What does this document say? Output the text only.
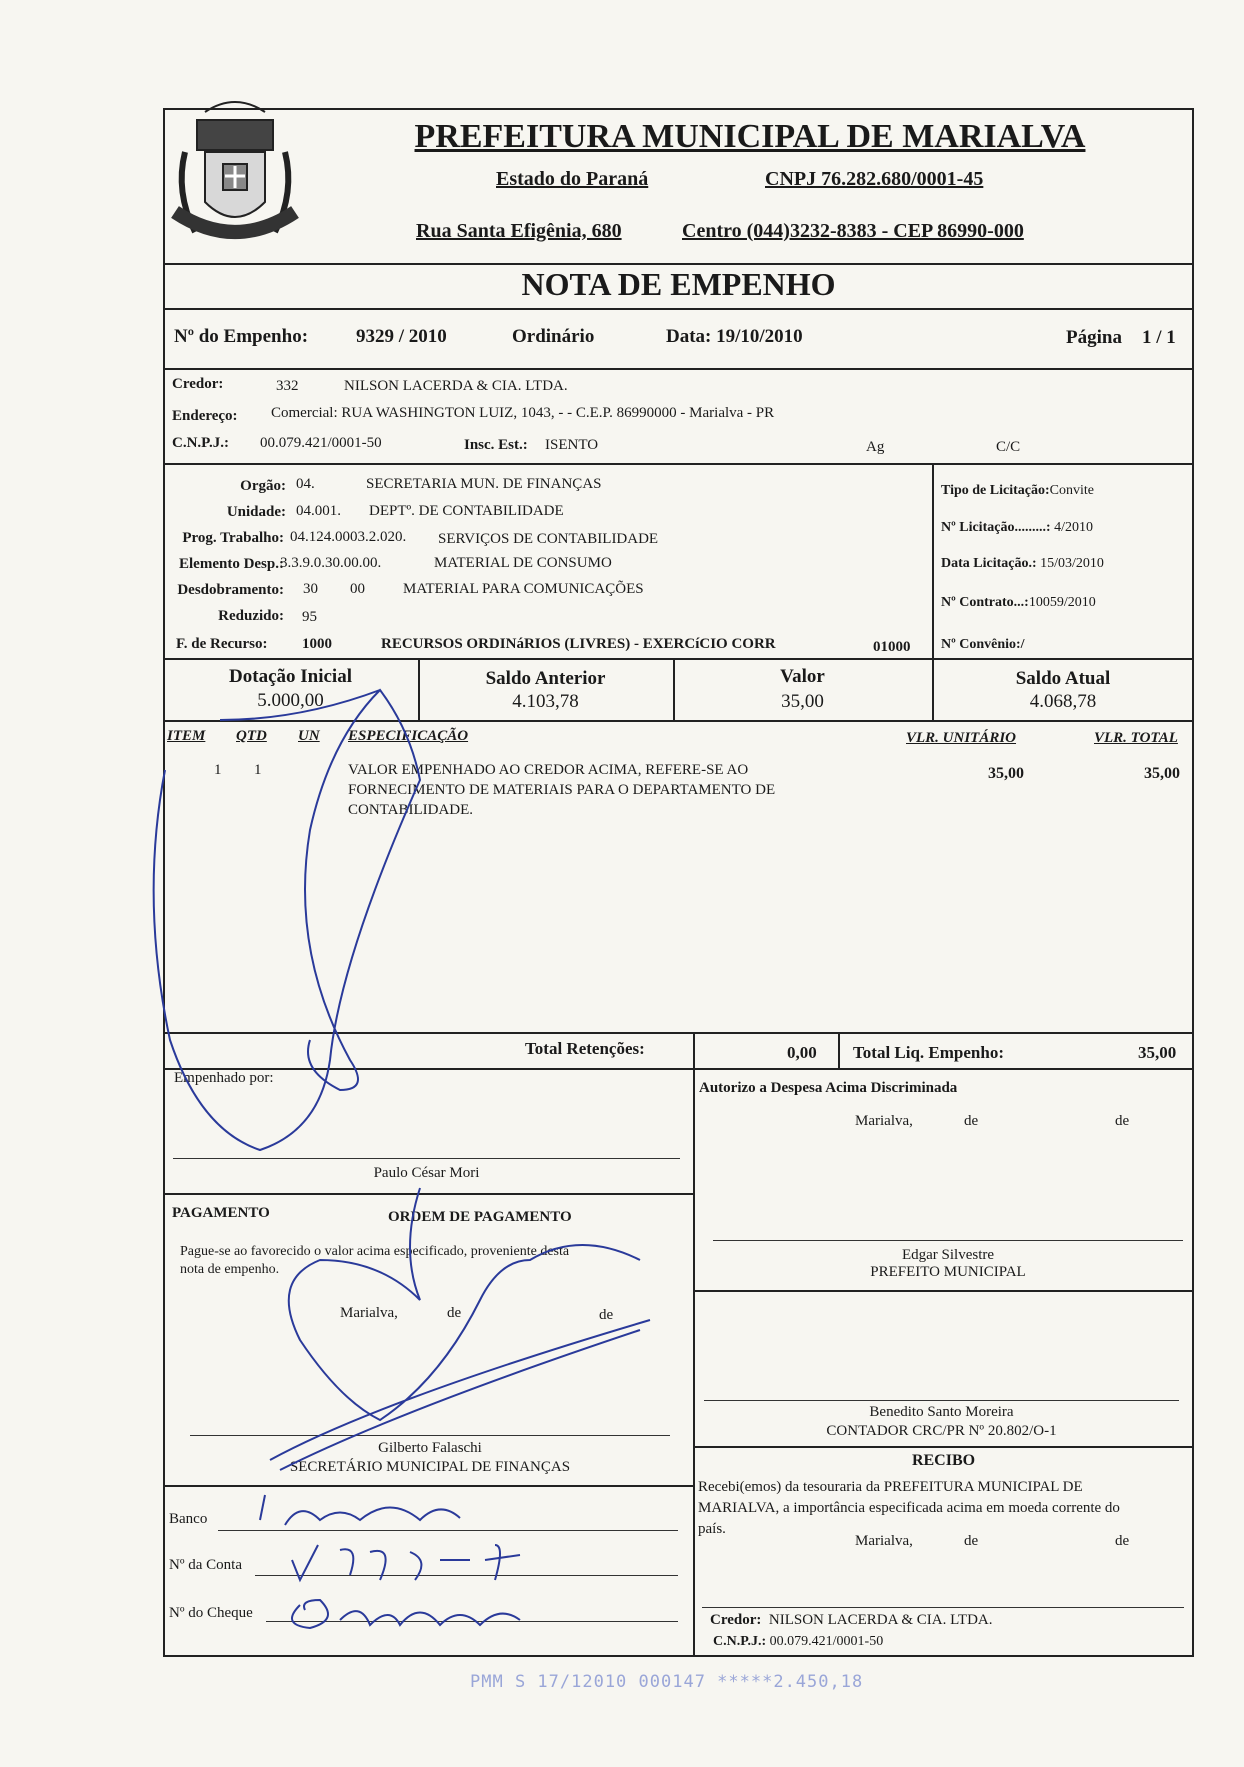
PREFEITURA MUNICIPAL DE MARIALVA
Estado do Paraná	CNPJ 76.282.680/0001-45
Rua Santa Efigênia, 680	Centro (044)3232-8383 - CEP 86990-000
NOTA DE EMPENHO
Nº do Empenho:	9329 / 2010	Ordinário	Data: 19/10/2010	Página 1 / 1
Credor:	332	NILSON LACERDA & CIA. LTDA.
Endereço: Comercial: RUA WASHINGTON LUIZ, 1043, - - C.E.P. 86990000 - Marialva - PR
C.N.P.J.: 00.079.421/0001-50	Insc. Est.: ISENTO	Ag	C/C
Orgão: 04.	SECRETARIA MUN. DE FINANÇAS
Unidade: 04.001. DEPTº. DE CONTABILIDADE
Prog. Trabalho: 04.124.0003.2.020. SERVIÇOS DE CONTABILIDADE
Elemento Desp.:
3.3.9.0.30.00.00.	MATERIAL DE CONSUMO
Desdobramento: 30 00	MATERIAL PARA COMUNICAÇÕES
Reduzido: 95
F. de Recurso: 1000	RECURSOS ORDINáRIOS (LIVRES) - EXERCíCIO CORR	01000
Tipo de Licitação:Convite
Nº Licitação.........: 4/2010
Data Licitação.: 15/03/2010
Nº Contrato...:10059/2010
Nº Convênio:/
Dotação Inicial
5.000,00
Saldo Anterior
4.103,78
Valor
35,00
Saldo Atual
4.068,78
ITEM QTD UN ESPECIFICAÇÃO	VLR. UNITÁRIO	VLR. TOTAL
1 1	VALOR EMPENHADO AO CREDOR ACIMA, REFERE-SE AO
FORNECIMENTO DE MATERIAIS PARA O DEPARTAMENTO DE
CONTABILIDADE.
35,00	35,00
Total Retenções:	0,00 Total Liq. Empenho:	35,00
Empenhado por:
Paulo César Mori
Autorizo a Despesa Acima Discriminada
Marialva,	de	de
Edgar Silvestre
PREFEITO MUNICIPAL
PAGAMENTO	ORDEM DE PAGAMENTO
Pague-se ao favorecido o valor acima especificado, proveniente desta
nota de empenho.
Marialva,	de	de
Gilberto Falaschi
SECRETÁRIO MUNICIPAL DE FINANÇAS
Benedito Santo Moreira
CONTADOR CRC/PR Nº 20.802/O-1
RECIBO
Recebi(emos) da tesouraria da PREFEITURA MUNICIPAL DE
MARIALVA, a importância especificada acima em moeda corrente do
país.
Marialva,	de	de
Credor: NILSON LACERDA & CIA. LTDA.
C.N.P.J.: 00.079.421/0001-50
Banco
Nº da Conta
Nº do Cheque
PMM S 17/12010 000147 *****2.450,18
